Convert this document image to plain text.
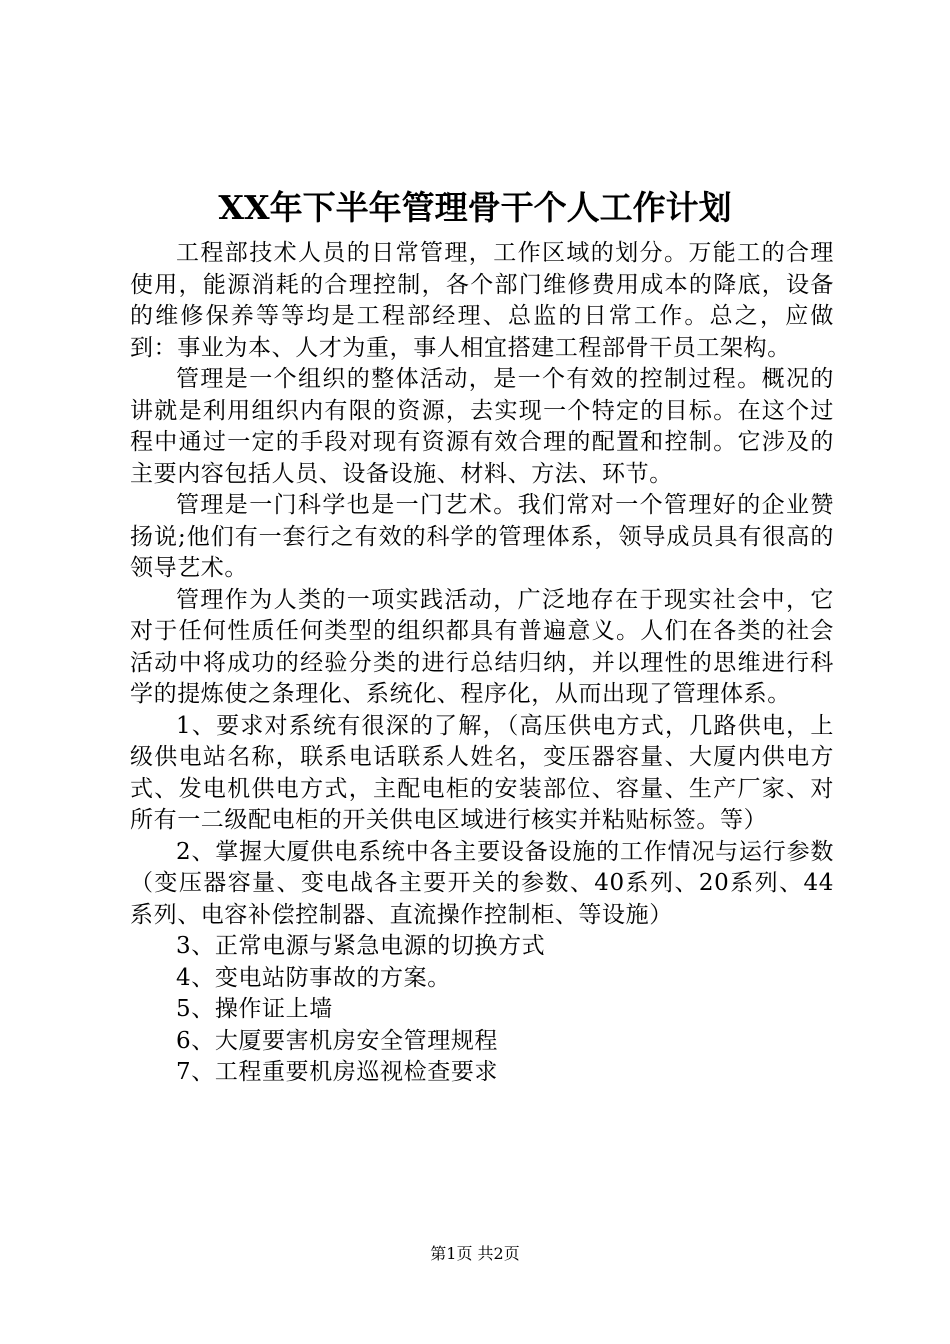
XX年下半年管理骨干个人工作计划

工程部技术人员的日常管理，工作区域的划分。万能工的合理使用，能源消耗的合理控制，各个部门维修费用成本的降底，设备的维修保养等等均是工程部经理、总监的日常工作。总之，应做到：事业为本、人才为重，事人相宜搭建工程部骨干员工架构。

管理是一个组织的整体活动，是一个有效的控制过程。概况的讲就是利用组织内有限的资源，去实现一个特定的目标。在这个过程中通过一定的手段对现有资源有效合理的配置和控制。它涉及的主要内容包括人员、设备设施、材料、方法、环节。

管理是一门科学也是一门艺术。我们常对一个管理好的企业赞扬说;他们有一套行之有效的科学的管理体系，领导成员具有很高的领导艺术。

管理作为人类的一项实践活动，广泛地存在于现实社会中，它对于任何性质任何类型的组织都具有普遍意义。人们在各类的社会活动中将成功的经验分类的进行总结归纳，并以理性的思维进行科学的提炼使之条理化、系统化、程序化，从而出现了管理体系。

1、要求对系统有很深的了解，（高压供电方式，几路供电，上级供电站名称，联系电话联系人姓名，变压器容量、大厦内供电方式、发电机供电方式，主配电柜的安装部位、容量、生产厂家、对所有一二级配电柜的开关供电区域进行核实并粘贴标签。等）

2、掌握大厦供电系统中各主要设备设施的工作情况与运行参数（变压器容量、变电战各主要开关的参数、40系列、20系列、44系列、电容补偿控制器、直流操作控制柜、等设施）

3、正常电源与紧急电源的切换方式

4、变电站防事故的方案。

5、操作证上墙

6、大厦要害机房安全管理规程

7、工程重要机房巡视检查要求

第1页 共2页
